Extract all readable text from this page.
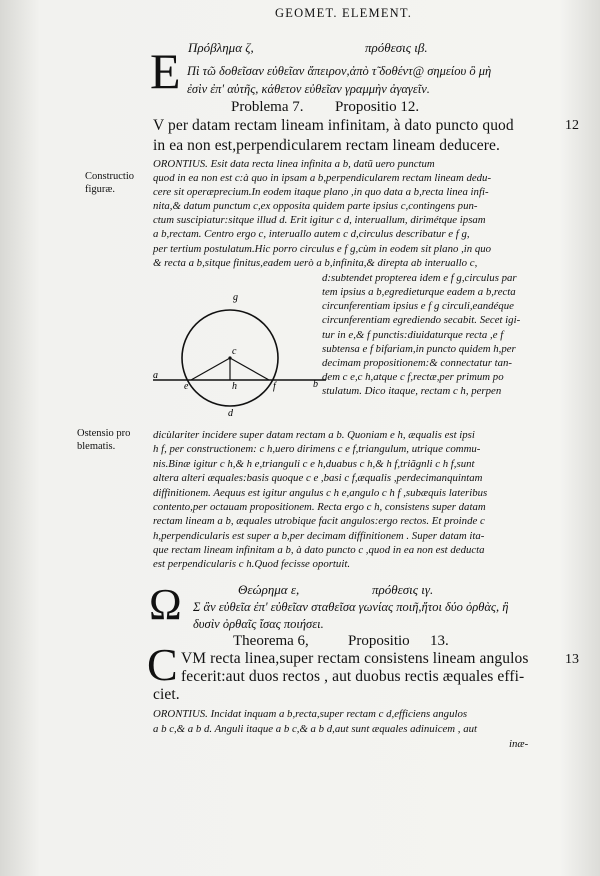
GEOMET. ELEMENT.
Πρόβλημα ζ,	πρόθεσις ιβ.
E Πὶ τῶ δοθεῖσαν εὐθεῖαν ἄπειρον,ἀπὸ τ̃ δοθέντ@ σημείου ὃ μὴ
ἐσὶν ἐπ' αὐτῆς, κάθετον εὐθεῖαν γραμμὴν ἀγαγεῖν.
Problema 7. Propositio 12.
V per datam rectam lineam infinitam, à dato puncto quod	12
in ea non est,perpendicularem rectam lineam deducere.
Constructio
figuræ.
ORONTIUS. Esit data recta linea infinita a b, datũ uero punctum
quod in ea non est c:à quo in ipsam a b,perpendicularem rectam lineam dedu-
cere sit operæprecium.In eodem itaque plano ,in quo data a b,recta linea infi-
nita,& datum punctum c,ex opposita quidem parte ipsius c,contingens pun-
ctum suscipiatur:sitque illud d. Erit igitur c d, interuallum, dirimétque ipsam
a b,rectam. Centro ergo c, interuallo autem c d,circulus describatur e f g,
per tertium postulatum.Hic porro circulus e f g,cùm in eodem sit plano ,in quo
& recta a b,sitque finitus,eadem uerò a b,infinita,& direpta ab interuallo c,
d:subtendet propterea idem e f g,circulus par
tem ipsius a b,egredieturque eadem a b,recta
circunferentiam ipsius e f g circuli,eandéque
circunferentiam egrediendo secabit. Secet igi-
tur in e,& f punctis:diuidaturque recta ,e f
subtensa e f bifariam,in puncto quidem h,per
decimam propositionem:& connectatur tan-
dem c e,c h,atque c f,rectæ,per primum po
stulatum. Dico itaque, rectam c h, perpen
g
c
a
e	h	f	b
d
Ostensio pro
blematis.
dicùlariter incidere super datam rectam a b. Quoniam e h, æqualis est ipsi
h f, per constructionem: c h,uero dirimens c e f,triangulum, utrique commu-
nis.Binæ igitur c h,& h e,trianguli c e h,duabus c h,& h f,triãgnli c h f,sunt
altera alteri æquales:basis quoque c e ,basi c f,æqualis ,perdecimanquintam
diffinitionem. Aequus est igitur angulus c h e,angulo c h f ,subæquis lateribus
contento,per octauam propositionem. Recta ergo c h, consistens super datam
rectam lineam a b, æquales utrobique facit angulos:ergo rectos. Et proinde c
h,perpendicularis est super a b,per decimam diffinitionem . Super datam ita-
que rectam lineam infinitam a b, à dato puncto c ,quod in ea non est deducta
est perpendicularis c h.Quod fecisse oportuit.
Θεώρημα ε,	πρόθεσις ιγ.
Ω Σ ἂν εὐθεῖα ἐπ' εὐθεῖαν σταθεῖσα γωνίας ποιῆ,ἤτοι δύο ὀρθὰς, ἢ
δυσὶν ὀρθαῖς ἴσας ποιήσει.
Theorema 6,	Propositio 13.
C VM recta linea,super rectam consistens lineam angulos	13
fecerit:aut duos rectos , aut duobus rectis æquales effi-
ciet.
ORONTIUS. Incidat inquam a b,recta,super rectam c d,efficiens angulos
a b c,& a b d. Anguli itaque a b c,& a b d,aut sunt æquales adinuicem , aut
inæ-
